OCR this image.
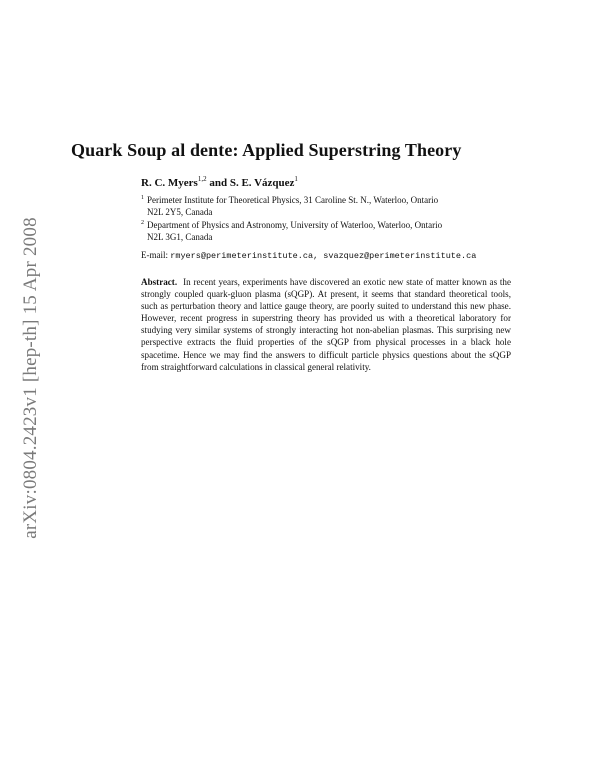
arXiv:0804.2423v1 [hep-th] 15 Apr 2008
Quark Soup al dente: Applied Superstring Theory
R. C. Myers$^{1,2}$ and S. E. Vázquez$^1$
$^1$ Perimeter Institute for Theoretical Physics, 31 Caroline St. N., Waterloo, Ontario
N2L 2Y5, Canada
$^2$ Department of Physics and Astronomy, University of Waterloo, Waterloo, Ontario
N2L 3G1, Canada
E-mail: rmyers@perimeterinstitute.ca, svazquez@perimeterinstitute.ca
Abstract. In recent years, experiments have discovered an exotic new state of matter known as the strongly coupled quark-gluon plasma (sQGP). At present, it seems that standard theoretical tools, such as perturbation theory and lattice gauge theory, are poorly suited to understand this new phase. However, recent progress in superstring theory has provided us with a theoretical laboratory for studying very similar systems of strongly interacting hot non-abelian plasmas. This surprising new perspective extracts the fluid properties of the sQGP from physical processes in a black hole spacetime. Hence we may find the answers to difficult particle physics questions about the sQGP from straightforward calculations in classical general relativity.
